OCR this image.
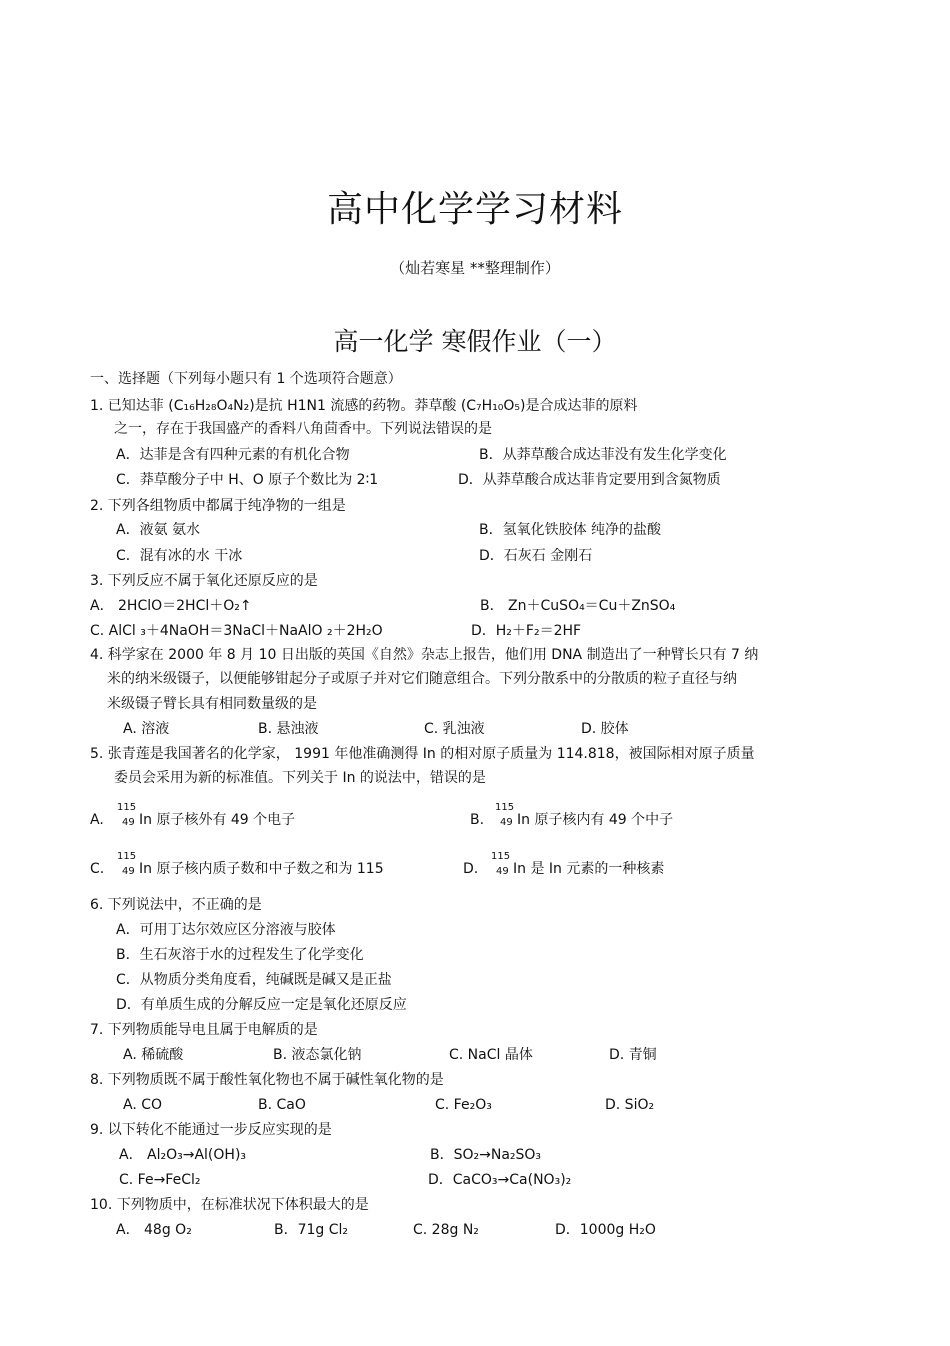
高中化学学习材料
（灿若寒星 **整理制作）
高一化学 寒假作业（一）
一、选择题（下列每小题只有 1 个选项符合题意）
1. 已知达菲 (C₁₆H₂₈O₄N₂)是抗 H1N1 流感的药物。莽草酸 (C₇H₁₀O₅)是合成达菲的原料
之一，存在于我国盛产的香料八角茴香中。下列说法错误的是
A．达菲是含有四种元素的有机化合物	B．从莽草酸合成达菲没有发生化学变化
C．莽草酸分子中 H、O 原子个数比为 2∶1	D．从莽草酸合成达菲肯定要用到含氮物质
2. 下列各组物质中都属于纯净物的一组是
A．液氨 氨水	B．氢氧化铁胶体 纯净的盐酸
C．混有冰的水 干冰	D．石灰石 金刚石
3. 下列反应不属于氧化还原反应的是
A． 2HClO＝2HCl＋O₂↑	B． Zn＋CuSO₄＝Cu＋ZnSO₄
C. AlCl ₃＋4NaOH＝3NaCl＋NaAlO ₂＋2H₂O	D．H₂＋F₂＝2HF
4. 科学家在 2000 年 8 月 10 日出版的英国《自然》杂志上报告，他们用 DNA 制造出了一种臂长只有 7 纳
米的纳米级镊子，以便能够钳起分子或原子并对它们随意组合。下列分散系中的分散质的粒子直径与纳
米级镊子臂长具有相同数量级的是
A. 溶液	B. 悬浊液	C. 乳浊液	D. 胶体
5. 张青莲是我国著名的化学家， 1991 年他准确测得 In 的相对原子质量为 114.818，被国际相对原子质量
委员会采用为新的标准值。下列关于 In 的说法中，错误的是
A.
115
49 In 原子核外有 49 个电子	B.
115
49 In 原子核内有 49 个中子
C.
115
49 In 原子核内质子数和中子数之和为 115	D.
115
49 In 是 In 元素的一种核素
6. 下列说法中，不正确的是
A．可用丁达尔效应区分溶液与胶体
B．生石灰溶于水的过程发生了化学变化
C．从物质分类角度看，纯碱既是碱又是正盐
D．有单质生成的分解反应一定是氧化还原反应
7. 下列物质能导电且属于电解质的是
A. 稀硫酸	B. 液态氯化钠	C. NaCl 晶体	D. 青铜
8. 下列物质既不属于酸性氧化物也不属于碱性氧化物的是
A. CO	B. CaO	C. Fe₂O₃	D. SiO₂
9. 以下转化不能通过一步反应实现的是
A． Al₂O₃→Al(OH)₃	B．SO₂→Na₂SO₃
C. Fe→FeCl₂	D．CaCO₃→Ca(NO₃)₂
10. 下列物质中，在标准状况下体积最大的是
A． 48g O₂	B．71g Cl₂	C. 28g N₂	D．1000g H₂O
